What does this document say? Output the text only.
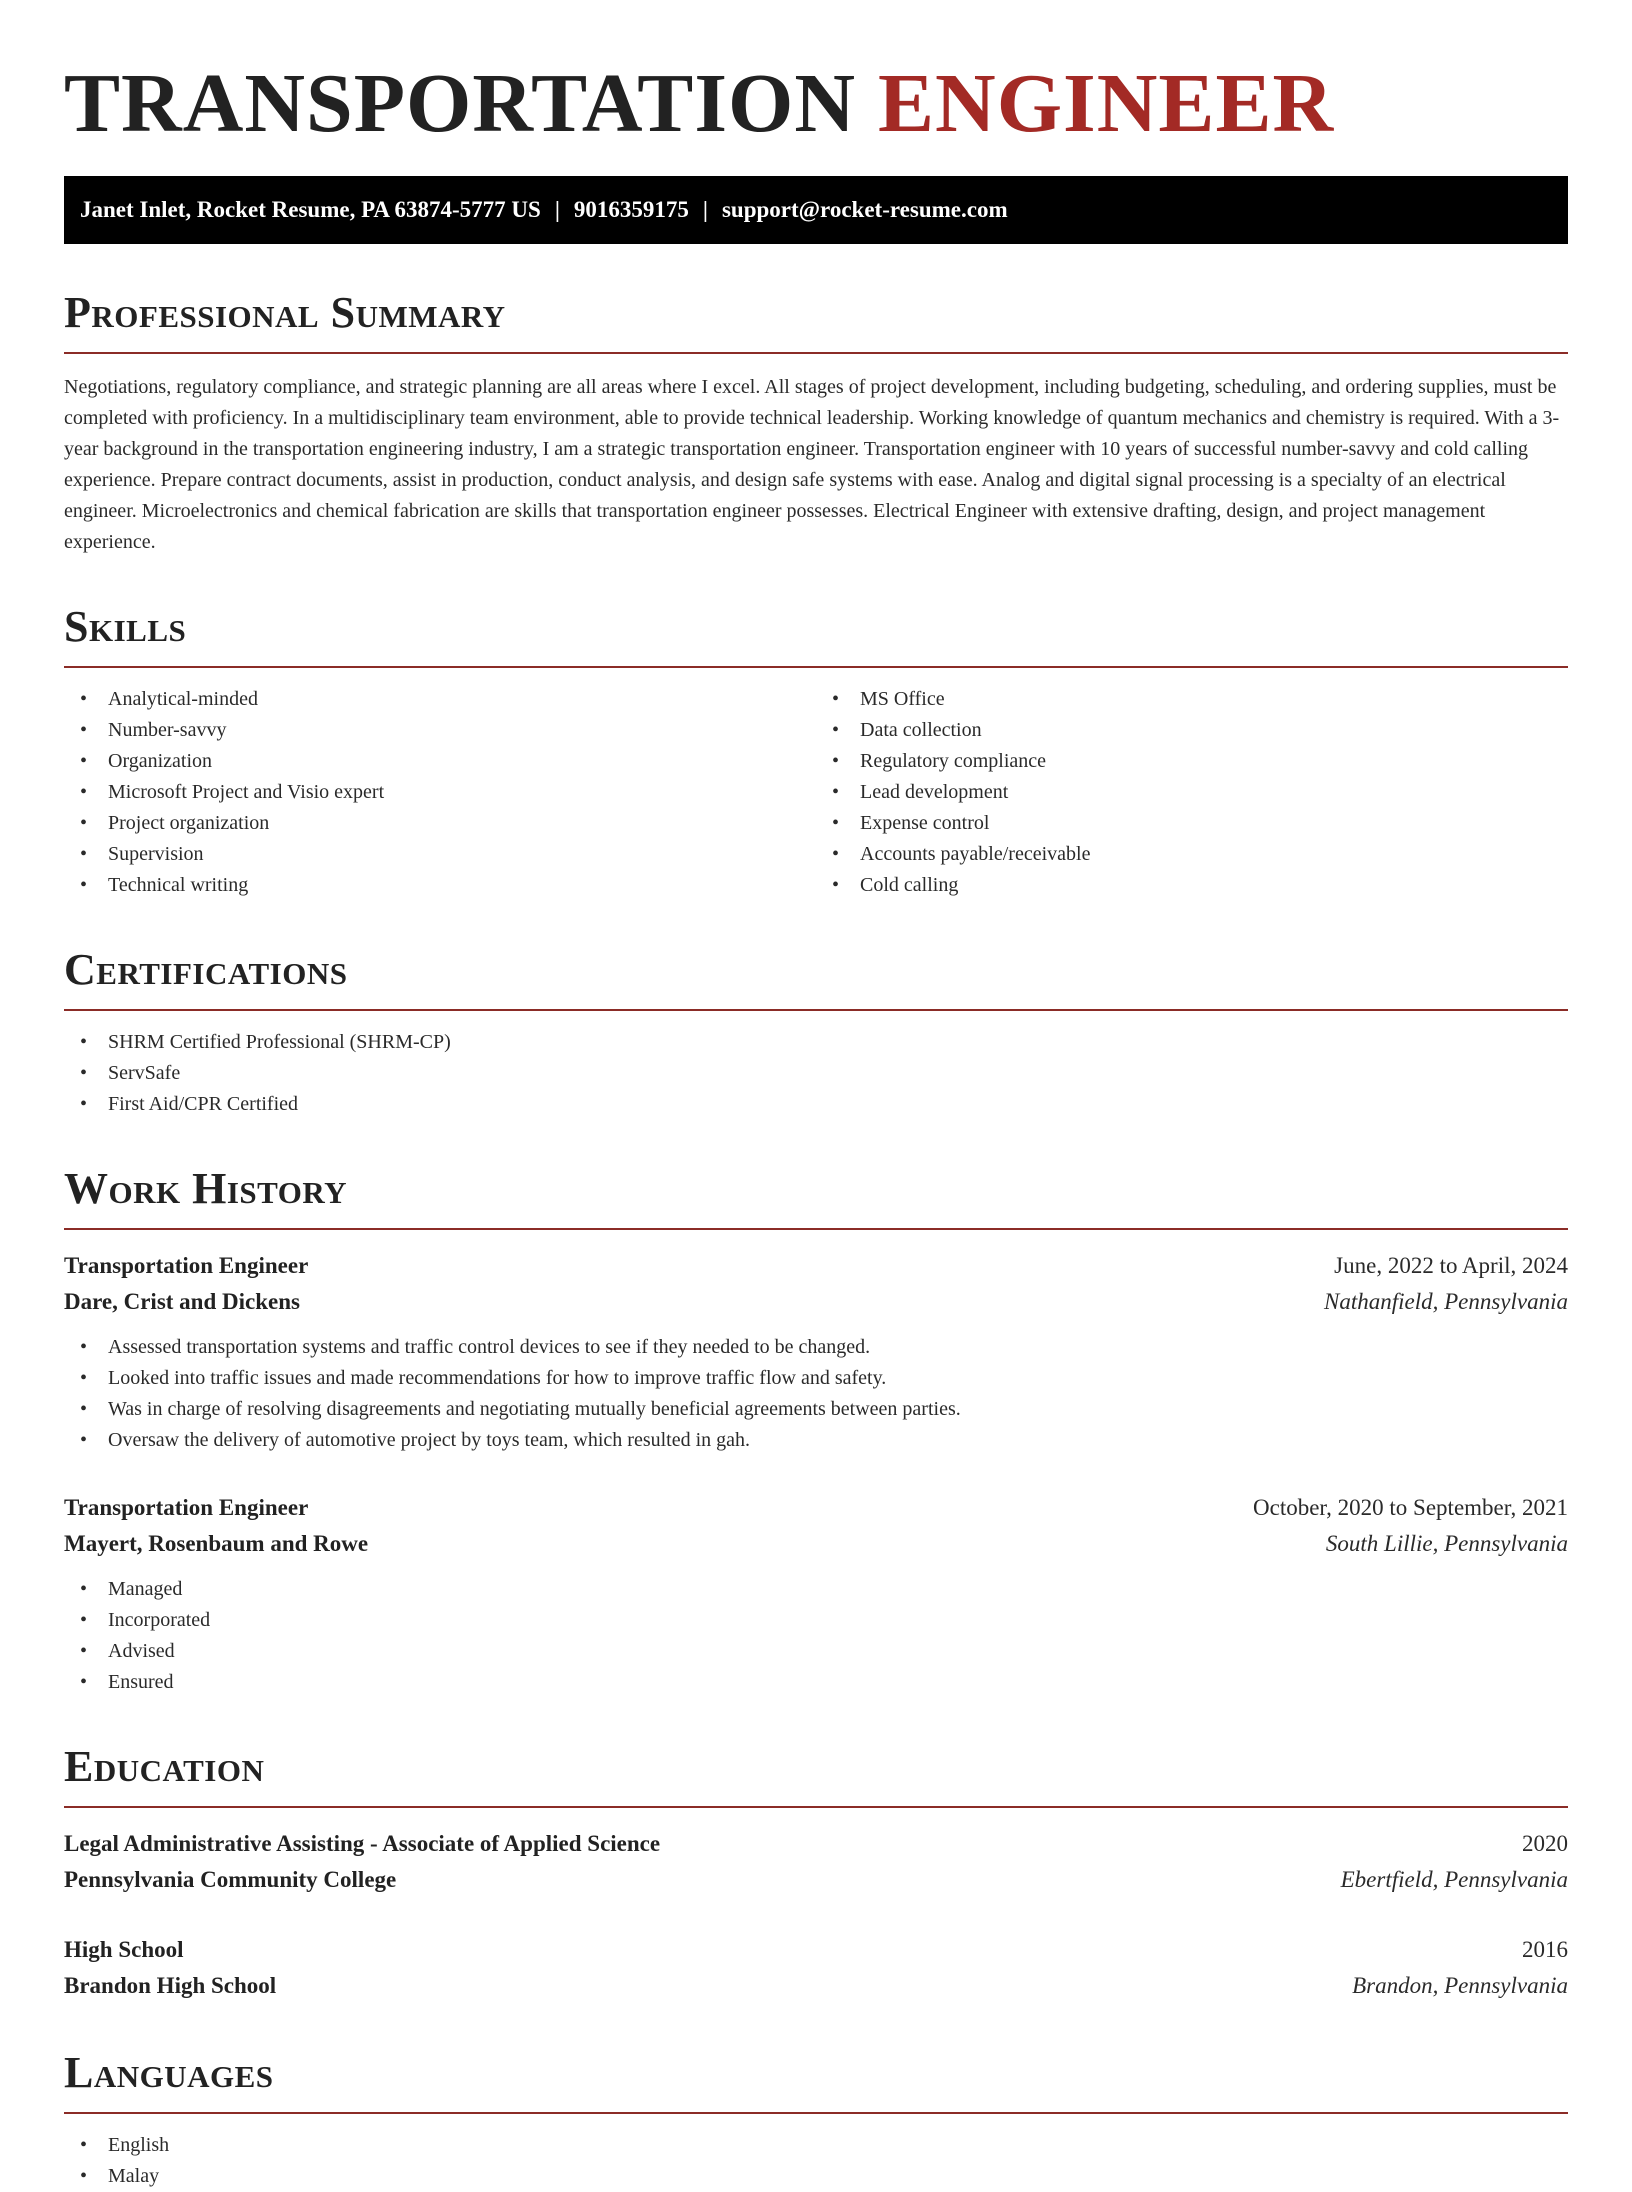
TRANSPORTATION ENGINEER
Janet Inlet, Rocket Resume, PA 63874-5777 US | 9016359175 | support@rocket-resume.com
Professional Summary

Negotiations, regulatory compliance, and strategic planning are all areas where I excel. All stages of project development, including budgeting, scheduling, and ordering supplies, must be completed with proficiency. In a multidisciplinary team environment, able to provide technical leadership. Working knowledge of quantum mechanics and chemistry is required. With a 3-year background in the transportation engineering industry, I am a strategic transportation engineer. Transportation engineer with 10 years of successful number-savvy and cold calling experience. Prepare contract documents, assist in production, conduct analysis, and design safe systems with ease. Analog and digital signal processing is a specialty of an electrical engineer. Microelectronics and chemical fabrication are skills that transportation engineer possesses. Electrical Engineer with extensive drafting, design, and project management experience.

Skills
• Analytical-minded
• Number-savvy
• Organization
• Microsoft Project and Visio expert
• Project organization
• Supervision
• Technical writing
• MS Office
• Data collection
• Regulatory compliance
• Lead development
• Expense control
• Accounts payable/receivable
• Cold calling
Certifications
• SHRM Certified Professional (SHRM-CP)
• ServSafe
• First Aid/CPR Certified
Work History
Transportation Engineer	June, 2022 to April, 2024
Dare, Crist and Dickens	Nathanfield, Pennsylvania
• Assessed transportation systems and traffic control devices to see if they needed to be changed.
• Looked into traffic issues and made recommendations for how to improve traffic flow and safety.
• Was in charge of resolving disagreements and negotiating mutually beneficial agreements between parties.
• Oversaw the delivery of automotive project by toys team, which resulted in gah.
Transportation Engineer	October, 2020 to September, 2021
Mayert, Rosenbaum and Rowe	South Lillie, Pennsylvania
• Managed
• Incorporated
• Advised
• Ensured
Education
Legal Administrative Assisting - Associate of Applied Science	2020
Pennsylvania Community College	Ebertfield, Pennsylvania
High School	2016
Brandon High School	Brandon, Pennsylvania
Languages
• English
• Malay
